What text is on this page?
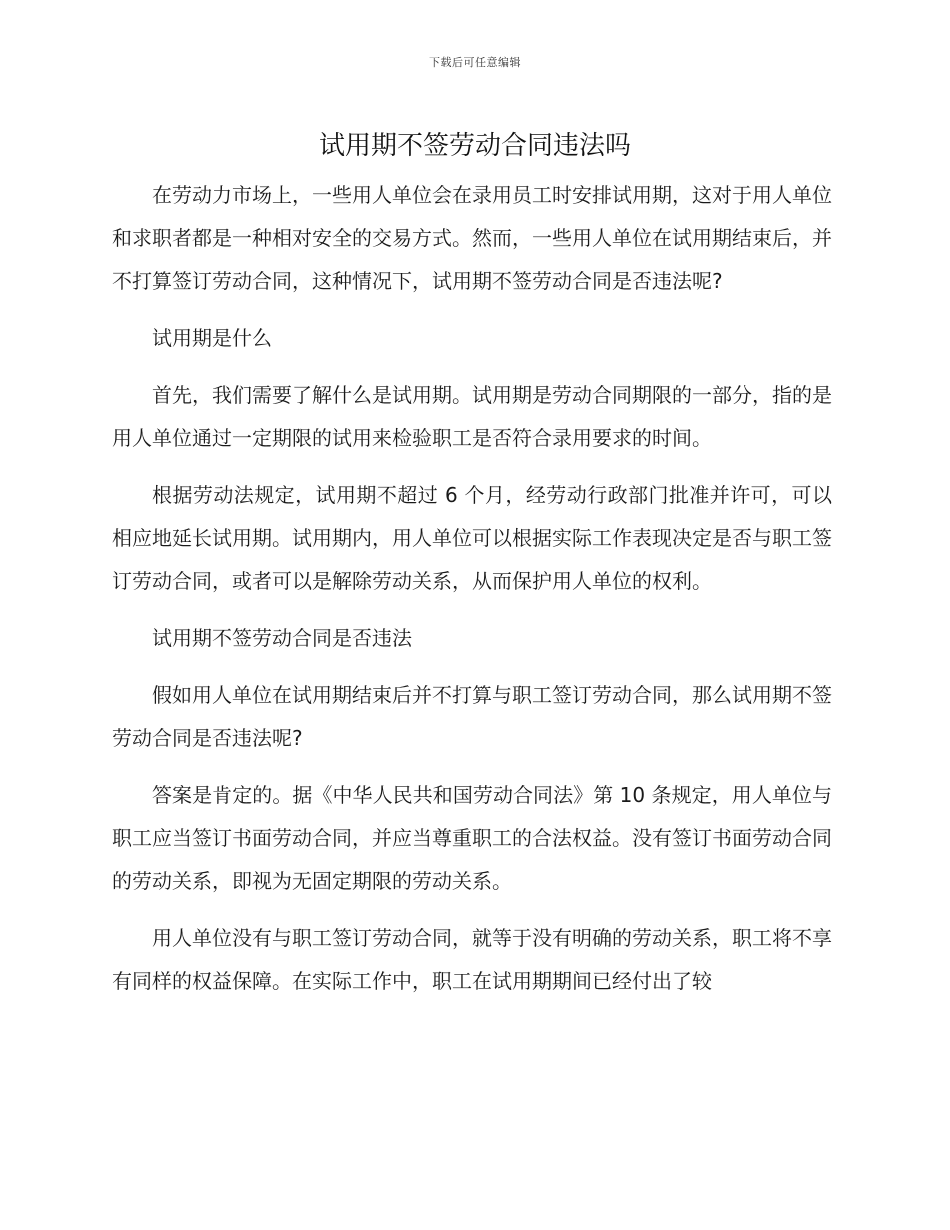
下载后可任意编辑
试用期不签劳动合同违法吗

在劳动力市场上，一些用人单位会在录用员工时安排试用期，这对于用人单位和求职者都是一种相对安全的交易方式。然而，一些用人单位在试用期结束后，并不打算签订劳动合同，这种情况下，试用期不签劳动合同是否违法呢?

试用期是什么

首先，我们需要了解什么是试用期。试用期是劳动合同期限的一部分，指的是用人单位通过一定期限的试用来检验职工是否符合录用要求的时间。

根据劳动法规定，试用期不超过 6 个月，经劳动行政部门批准并许可，可以相应地延长试用期。试用期内，用人单位可以根据实际工作表现决定是否与职工签订劳动合同，或者可以是解除劳动关系，从而保护用人单位的权利。

试用期不签劳动合同是否违法

假如用人单位在试用期结束后并不打算与职工签订劳动合同，那么试用期不签劳动合同是否违法呢?

答案是肯定的。据《中华人民共和国劳动合同法》第 10 条规定，用人单位与职工应当签订书面劳动合同，并应当尊重职工的合法权益。没有签订书面劳动合同的劳动关系，即视为无固定期限的劳动关系。

用人单位没有与职工签订劳动合同，就等于没有明确的劳动关系，职工将不享有同样的权益保障。在实际工作中，职工在试用期期间已经付出了较
